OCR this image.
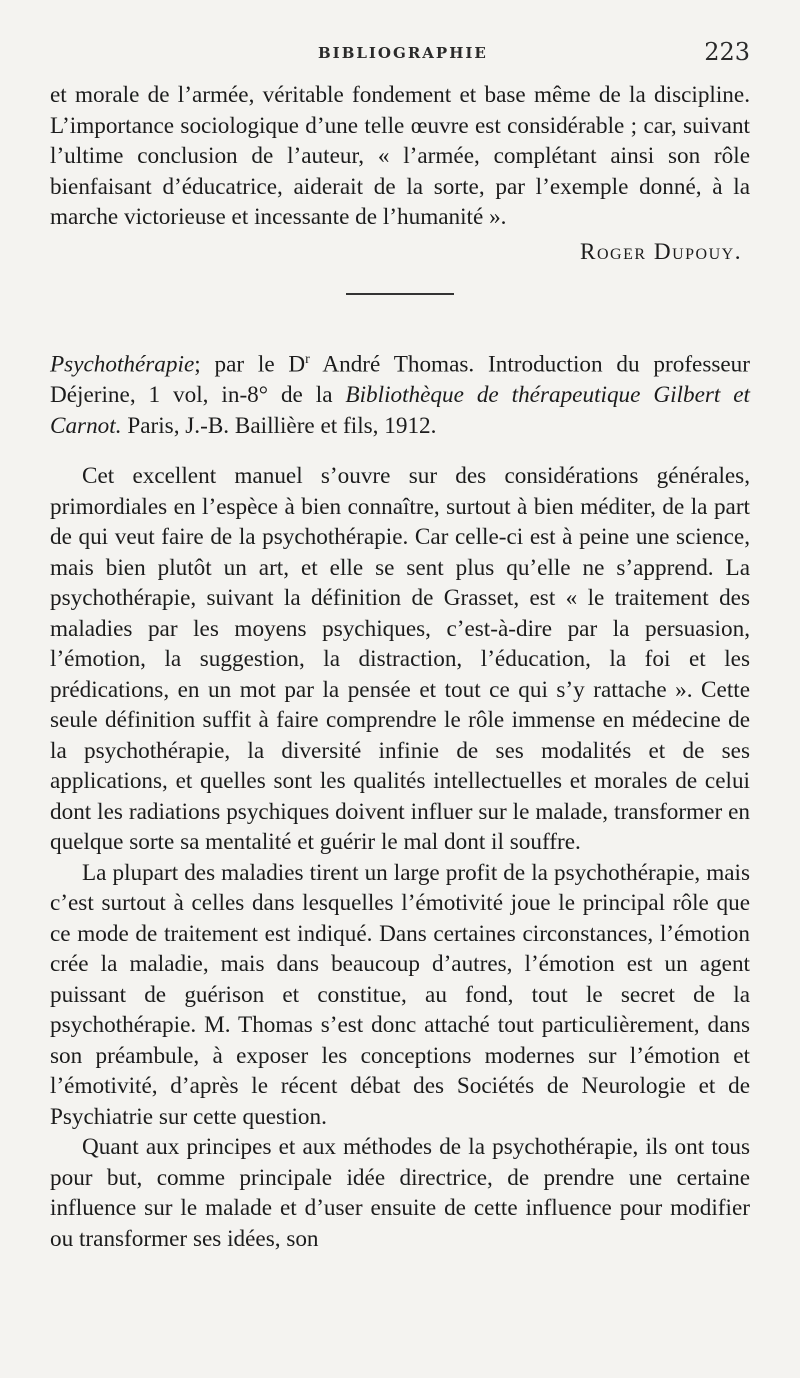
BIBLIOGRAPHIE	223

et morale de l’armée, véritable fondement et base même de la discipline. L’importance sociologique d’une telle œuvre est considérable ; car, suivant l’ultime conclusion de l’auteur, « l’armée, complétant ainsi son rôle bienfaisant d’éducatrice, aiderait de la sorte, par l’exemple donné, à la marche victorieuse et incessante de l’humanité ».

Roger Dupouy.

Psychothérapie; par le $D^r$ André Thomas. Introduction du professeur Déjerine, 1 vol, in-8° de la Bibliothèque de thérapeutique Gilbert et Carnot. Paris, J.-B. Baillière et fils, 1912.

Cet excellent manuel s’ouvre sur des considérations générales, primordiales en l’espèce à bien connaître, surtout à bien méditer, de la part de qui veut faire de la psychothérapie. Car celle-ci est à peine une science, mais bien plutôt un art, et elle se sent plus qu’elle ne s’apprend. La psychothérapie, suivant la définition de Grasset, est « le traitement des maladies par les moyens psychiques, c’est-à-dire par la persuasion, l’émotion, la suggestion, la distraction, l’éducation, la foi et les prédications, en un mot par la pensée et tout ce qui s’y rattache ». Cette seule définition suffit à faire comprendre le rôle immense en médecine de la psychothérapie, la diversité infinie de ses modalités et de ses applications, et quelles sont les qualités intellectuelles et morales de celui dont les radiations psychiques doivent influer sur le malade, transformer en quelque sorte sa mentalité et guérir le mal dont il souffre.

La plupart des maladies tirent un large profit de la psychothérapie, mais c’est surtout à celles dans lesquelles l’émotivité joue le principal rôle que ce mode de traitement est indiqué. Dans certaines circonstances, l’émotion crée la maladie, mais dans beaucoup d’autres, l’émotion est un agent puissant de guérison et constitue, au fond, tout le secret de la psychothérapie. M. Thomas s’est donc attaché tout particulièrement, dans son préambule, à exposer les conceptions modernes sur l’émotion et l’émotivité, d’après le récent débat des Sociétés de Neurologie et de Psychiatrie sur cette question.

Quant aux principes et aux méthodes de la psychothérapie, ils ont tous pour but, comme principale idée directrice, de prendre une certaine influence sur le malade et d’user ensuite de cette influence pour modifier ou transformer ses idées, son
